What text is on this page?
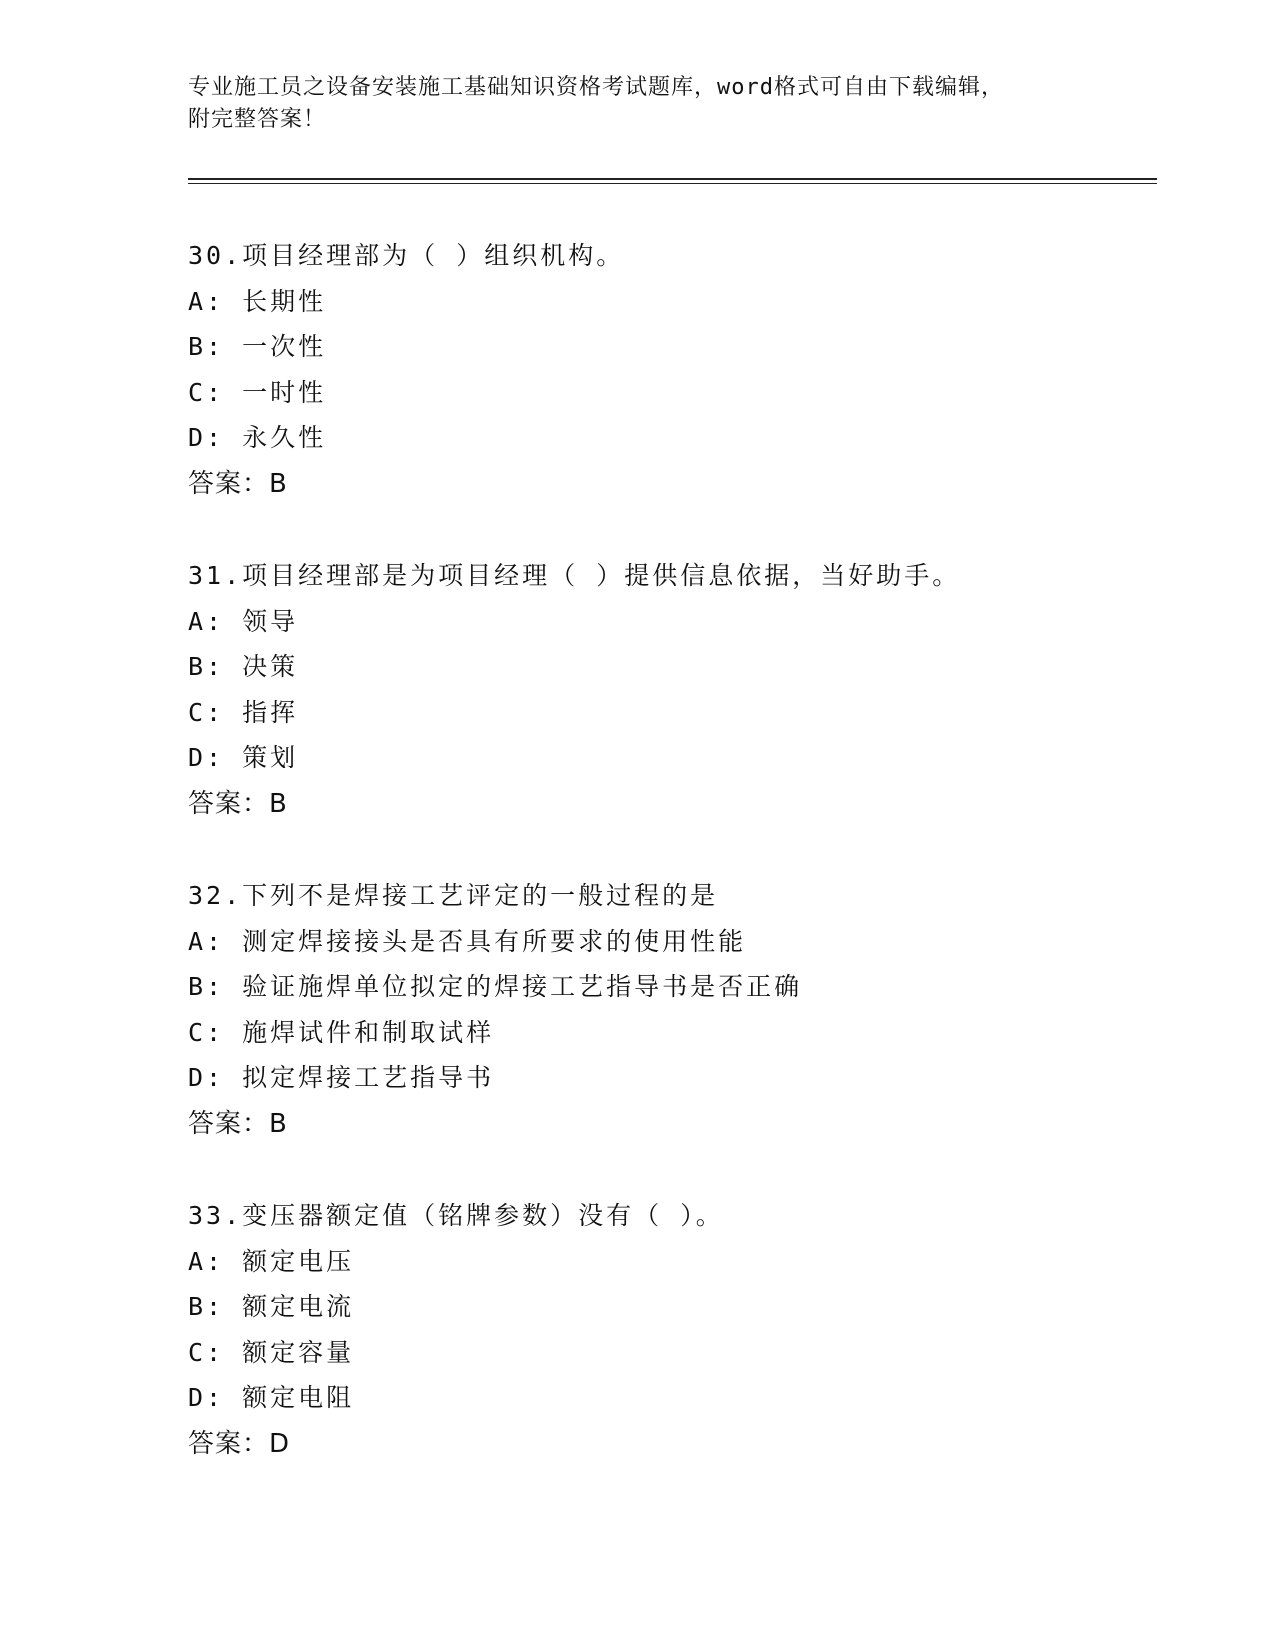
专业施工员之设备安装施工基础知识资格考试题库，word格式可自由下载编辑，
附完整答案！
30.项目经理部为（ ）组织机构。
A: 长期性
B: 一次性
C: 一时性
D: 永久性
答案：B
31.项目经理部是为项目经理（ ）提供信息依据，当好助手。
A: 领导
B: 决策
C: 指挥
D: 策划
答案：B
32.下列不是焊接工艺评定的一般过程的是
A: 测定焊接接头是否具有所要求的使用性能
B: 验证施焊单位拟定的焊接工艺指导书是否正确
C: 施焊试件和制取试样
D: 拟定焊接工艺指导书
答案：B
33.变压器额定值（铭牌参数）没有（ ）。
A: 额定电压
B: 额定电流
C: 额定容量
D: 额定电阻
答案：D
